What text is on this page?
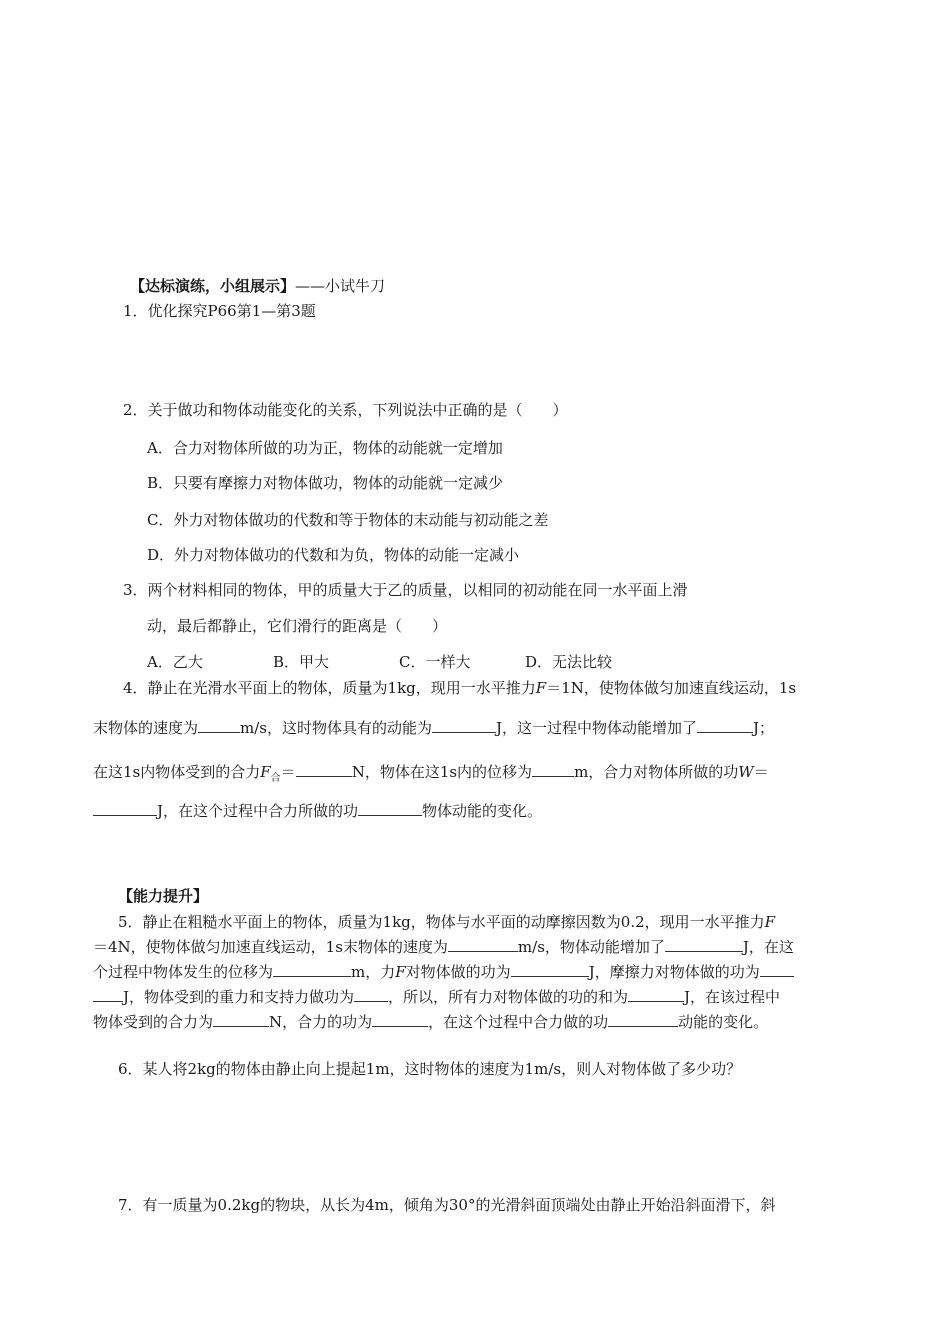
【达标演练，小组展示】——小试牛刀
1．优化探究P66第1—第3题
2．关于做功和物体动能变化的关系，下列说法中正确的是（　　）
A．合力对物体所做的功为正，物体的动能就一定增加
B．只要有摩擦力对物体做功，物体的动能就一定减少
C．外力对物体做功的代数和等于物体的末动能与初动能之差
D．外力对物体做功的代数和为负，物体的动能一定减小
3．两个材料相同的物体，甲的质量大于乙的质量，以相同的初动能在同一水平面上滑
动，最后都静止，它们滑行的距离是（　　）
A．乙大	B．甲大	C．一样大	D．无法比较
4．静止在光滑水平面上的物体，质量为1kg，现用一水平推力F＝1N，使物体做匀加速直线运动，1s
末物体的速度为	m/s，这时物体具有的动能为	J，这一过程中物体动能增加了	J；
在这1s内物体受到的合力$F_合=$	N，物体在这1s内的位移为	m，合力对物体所做的功W＝
J，在这个过程中合力所做的功	物体动能的变化。
【能力提升】
5．静止在粗糙水平面上的物体，质量为1kg，物体与水平面的动摩擦因数为0.2，现用一水平推力F
＝4N，使物体做匀加速直线运动，1s末物体的速度为	m/s，物体动能增加了	J，在这
个过程中物体发生的位移为	m，力F对物体做的功为	J，摩擦力对物体做的功为
J，物体受到的重力和支持力做功为 ，所以，所有力对物体做的功的和为	J，在该过程中
物体受到的合力为	N，合力的功为	，在这个过程中合力做的功	动能的变化。
6．某人将2kg的物体由静止向上提起1m，这时物体的速度为1m/s，则人对物体做了多少功？
7．有一质量为0.2kg的物块，从长为4m，倾角为30°的光滑斜面顶端处由静止开始沿斜面滑下，斜
